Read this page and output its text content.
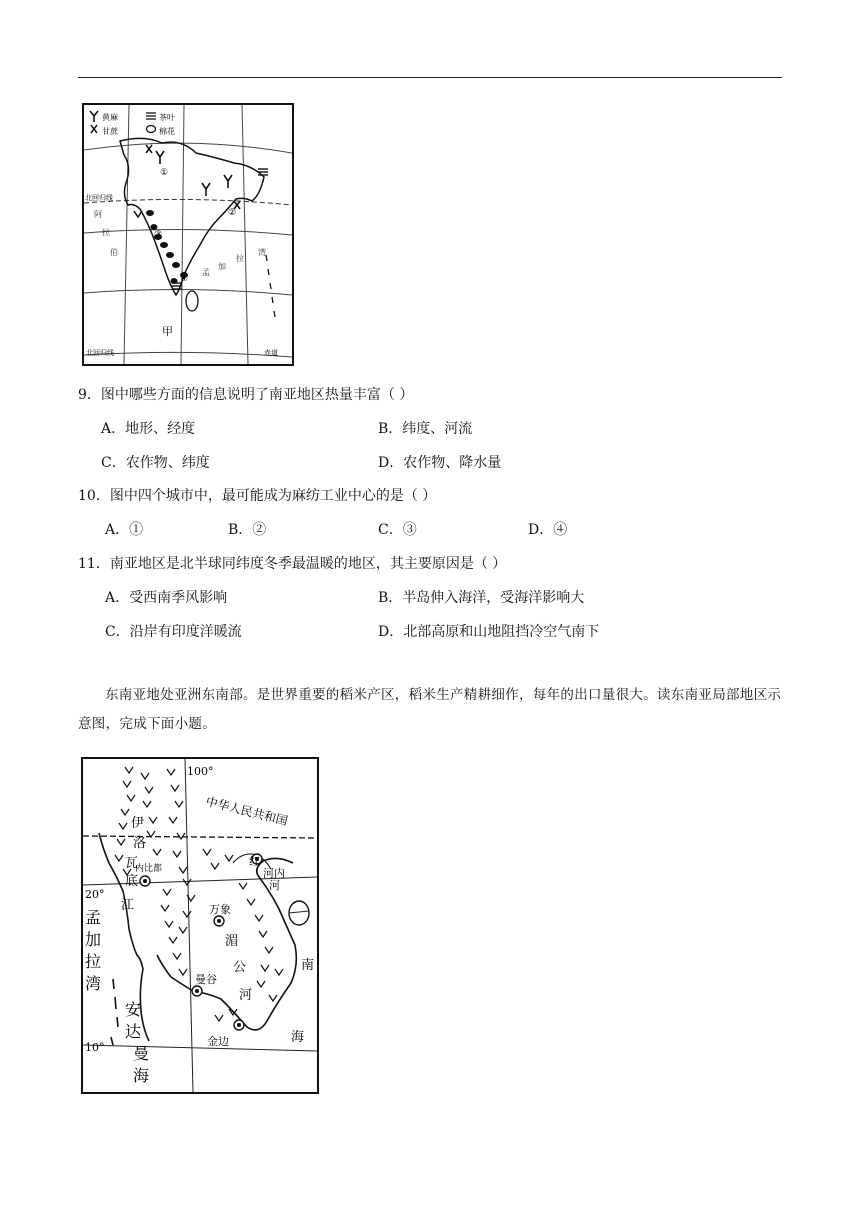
黄麻
甘蔗
茶叶
棉花
①
②
③
④
北回归线
北回归线	赤道
阿
拉
伯
孟
加
拉
湾
甲
9．图中哪些方面的信息说明了南亚地区热量丰富（ ）
A．地形、经度	B．纬度、河流
C．农作物、纬度	D．农作物、降水量
10．图中四个城市中，最可能成为麻纺工业中心的是（ ）
A．①	B．②	C．③	D．④
11．南亚地区是北半球同纬度冬季最温暖的地区，其主要原因是（ ）
A．受西南季风影响	B．半岛伸入海洋，受海洋影响大
C．沿岸有印度洋暖流	D．北部高原和山地阻挡冷空气南下
东南亚地处亚洲东南部。是世界重要的稻米产区，稻米生产精耕细作，每年的出口量很大。读东南亚局部地区示意图，完成下面小题。
100°
20°
10°
中华人民共和国
伊
洛
瓦
底
江
湄
公
河
红
河
孟
加
拉
湾
安
达
曼
海
南
海
内比都	河内
万象
曼谷
金边
